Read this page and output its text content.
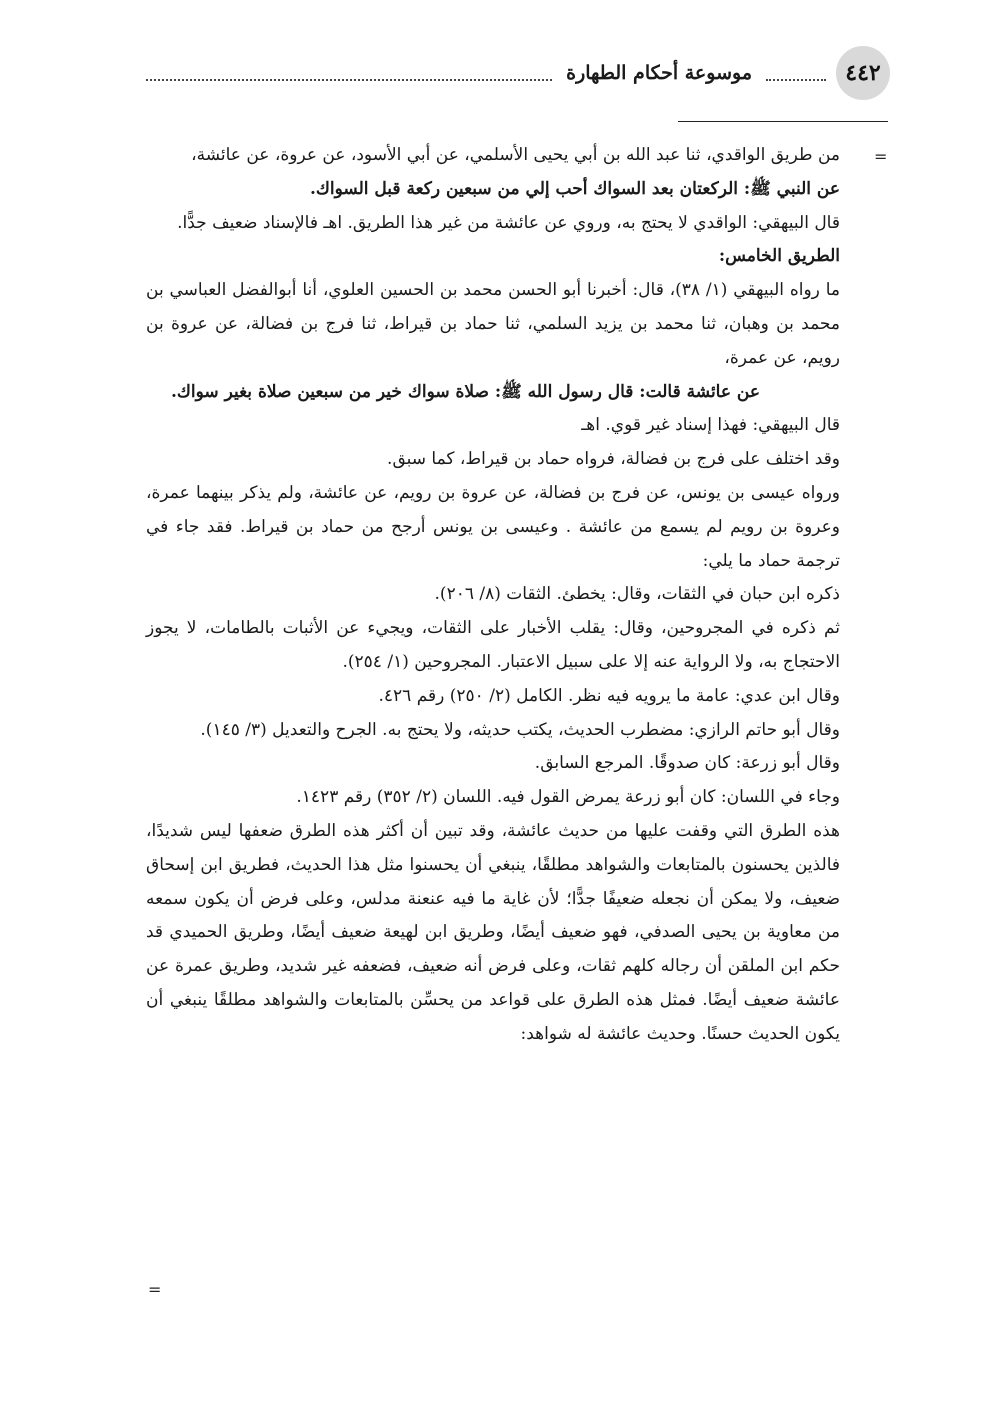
٤٤٢
موسوعة أحكام الطهارة
=

من طريق الواقدي، ثنا عبد الله بن أبي يحيى الأسلمي، عن أبي الأسود، عن عروة، عن عائشة،

عن النبي ﷺ: الركعتان بعد السواك أحب إلي من سبعين ركعة قبل السواك.

قال البيهقي: الواقدي لا يحتج به، وروي عن عائشة من غير هذا الطريق. اهـ فالإسناد ضعيف جدًّا.

الطريق الخامس:

ما رواه البيهقي (١/ ٣٨)، قال: أخبرنا أبو الحسن محمد بن الحسين العلوي، أنا أبوالفضل العباسي بن محمد بن وهبان، ثنا محمد بن يزيد السلمي، ثنا حماد بن قيراط، ثنا فرج بن فضالة، عن عروة بن رويم، عن عمرة،

عن عائشة قالت: قال رسول الله ﷺ: صلاة سواك خير من سبعين صلاة بغير سواك.

قال البيهقي: فهذا إسناد غير قوي. اهـ

وقد اختلف على فرج بن فضالة، فرواه حماد بن قيراط، كما سبق.

ورواه عيسى بن يونس، عن فرج بن فضالة، عن عروة بن رويم، عن عائشة، ولم يذكر بينهما عمرة، وعروة بن رويم لم يسمع من عائشة . وعيسى بن يونس أرجح من حماد بن قيراط. فقد جاء في ترجمة حماد ما يلي:

ذكره ابن حبان في الثقات، وقال: يخطئ. الثقات (٨/ ٢٠٦).

ثم ذكره في المجروحين، وقال: يقلب الأخبار على الثقات، ويجيء عن الأثبات بالطامات، لا يجوز الاحتجاج به، ولا الرواية عنه إلا على سبيل الاعتبار. المجروحين (١/ ٢٥٤).

وقال ابن عدي: عامة ما يرويه فيه نظر. الكامل (٢/ ٢٥٠) رقم ٤٢٦.

وقال أبو حاتم الرازي: مضطرب الحديث، يكتب حديثه، ولا يحتج به. الجرح والتعديل (٣/ ١٤٥).

وقال أبو زرعة: كان صدوقًا. المرجع السابق.

وجاء في اللسان: كان أبو زرعة يمرض القول فيه. اللسان (٢/ ٣٥٢) رقم ١٤٢٣.

هذه الطرق التي وقفت عليها من حديث عائشة، وقد تبين أن أكثر هذه الطرق ضعفها ليس شديدًا، فالذين يحسنون بالمتابعات والشواهد مطلقًا، ينبغي أن يحسنوا مثل هذا الحديث، فطريق ابن إسحاق ضعيف، ولا يمكن أن نجعله ضعيفًا جدًّا؛ لأن غاية ما فيه عنعنة مدلس، وعلى فرض أن يكون سمعه من معاوية بن يحيى الصدفي، فهو ضعيف أيضًا، وطريق ابن لهيعة ضعيف أيضًا، وطريق الحميدي قد حكم ابن الملقن أن رجاله كلهم ثقات، وعلى فرض أنه ضعيف، فضعفه غير شديد، وطريق عمرة عن عائشة ضعيف أيضًا. فمثل هذه الطرق على قواعد من يحسِّن بالمتابعات والشواهد مطلقًا ينبغي أن يكون الحديث حسنًا. وحديث عائشة له شواهد:

=
